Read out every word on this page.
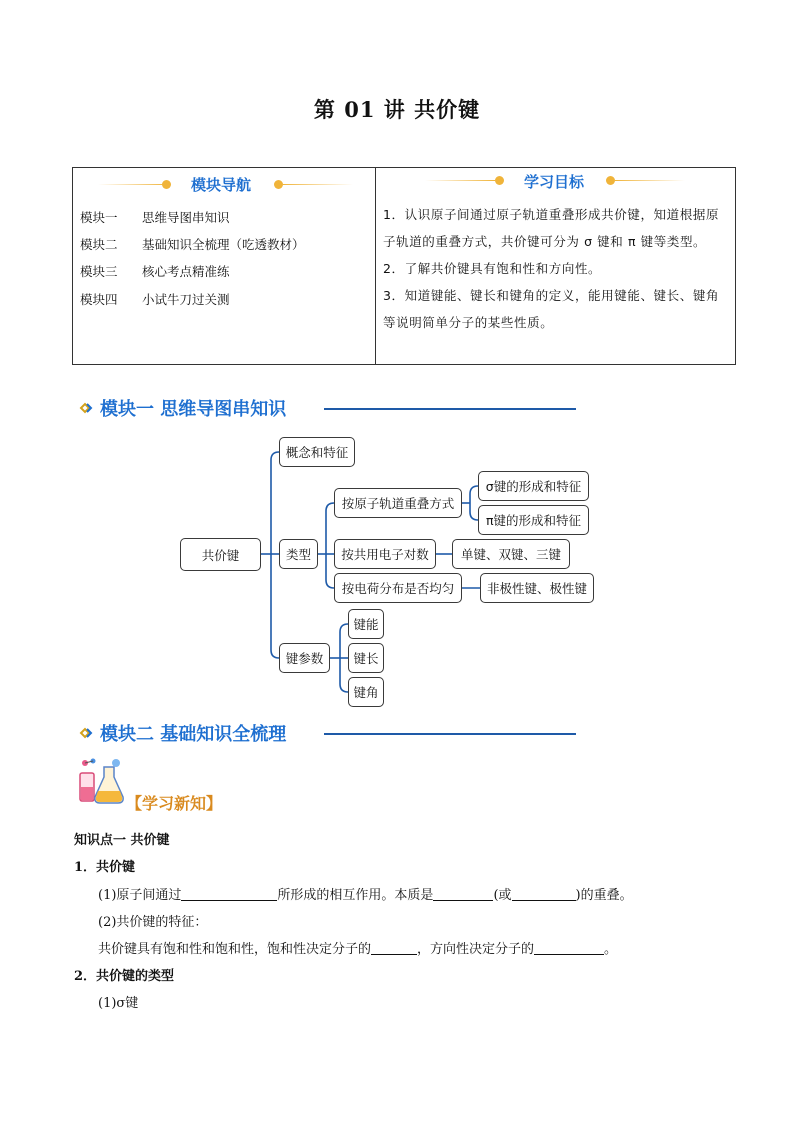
第 01 讲 共价键
模块导航
模块一 思维导图串知识
模块二 基础知识全梳理（吃透教材）
模块三 核心考点精准练
模块四 小试牛刀过关测
学习目标

1．认识原子间通过原子轨道重叠形成共价键，知道根据原子轨道的重叠方式，共价键可分为 σ 键和 π 键等类型。

2．了解共价键具有饱和性和方向性。

3．知道键能、键长和键角的定义，能用键能、键长、键角等说明简单分子的某些性质。

模块一 思维导图串知识
共价键
概念和特征
类型
按原子轨道重叠方式
σ键的形成和特征
π键的形成和特征
按共用电子对数	单键、双键、三键
按电荷分布是否均匀	非极性键、极性键
键参数
键能
键长
键角
模块二 基础知识全梳理
【学习新知】
知识点一 共价键
1．共价键
(1)原子间通过	所形成的相互作用。本质是	(或	)的重叠。
(2)共价键的特征：
共价键具有饱和性和饱和性，饱和性决定分子的	，方向性决定分子的	。
2．共价键的类型
(1)σ键
